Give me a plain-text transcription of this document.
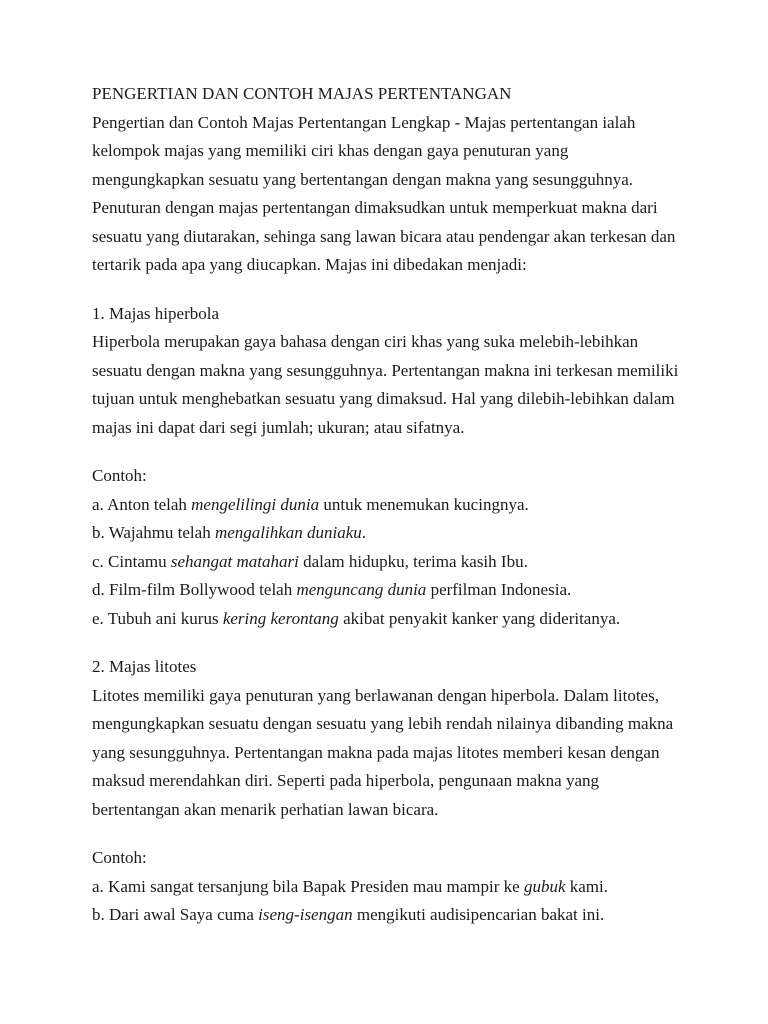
PENGERTIAN DAN CONTOH MAJAS PERTENTANGAN

Pengertian dan Contoh Majas Pertentangan Lengkap - Majas pertentangan ialah

kelompok majas yang memiliki ciri khas dengan gaya penuturan yang

mengungkapkan sesuatu yang bertentangan dengan makna yang sesungguhnya.

Penuturan dengan majas pertentangan dimaksudkan untuk memperkuat makna dari

sesuatu yang diutarakan, sehinga sang lawan bicara atau pendengar akan terkesan dan

tertarik pada apa yang diucapkan. Majas ini dibedakan menjadi:

1. Majas hiperbola

Hiperbola merupakan gaya bahasa dengan ciri khas yang suka melebih-lebihkan

sesuatu dengan makna yang sesungguhnya. Pertentangan makna ini terkesan memiliki

tujuan untuk menghebatkan sesuatu yang dimaksud. Hal yang dilebih-lebihkan dalam

majas ini dapat dari segi jumlah; ukuran; atau sifatnya.

Contoh:

a. Anton telah mengelilingi dunia untuk menemukan kucingnya.

b. Wajahmu telah mengalihkan duniaku.

c. Cintamu sehangat matahari dalam hidupku, terima kasih Ibu.

d. Film-film Bollywood telah menguncang dunia perfilman Indonesia.

e. Tubuh ani kurus kering kerontang akibat penyakit kanker yang dideritanya.

2. Majas litotes

Litotes memiliki gaya penuturan yang berlawanan dengan hiperbola. Dalam litotes,

mengungkapkan sesuatu dengan sesuatu yang lebih rendah nilainya dibanding makna

yang sesungguhnya. Pertentangan makna pada majas litotes memberi kesan dengan

maksud merendahkan diri. Seperti pada hiperbola, pengunaan makna yang

bertentangan akan menarik perhatian lawan bicara.

Contoh:

a. Kami sangat tersanjung bila Bapak Presiden mau mampir ke gubuk kami.

b. Dari awal Saya cuma iseng-isengan mengikuti audisipencarian bakat ini.
